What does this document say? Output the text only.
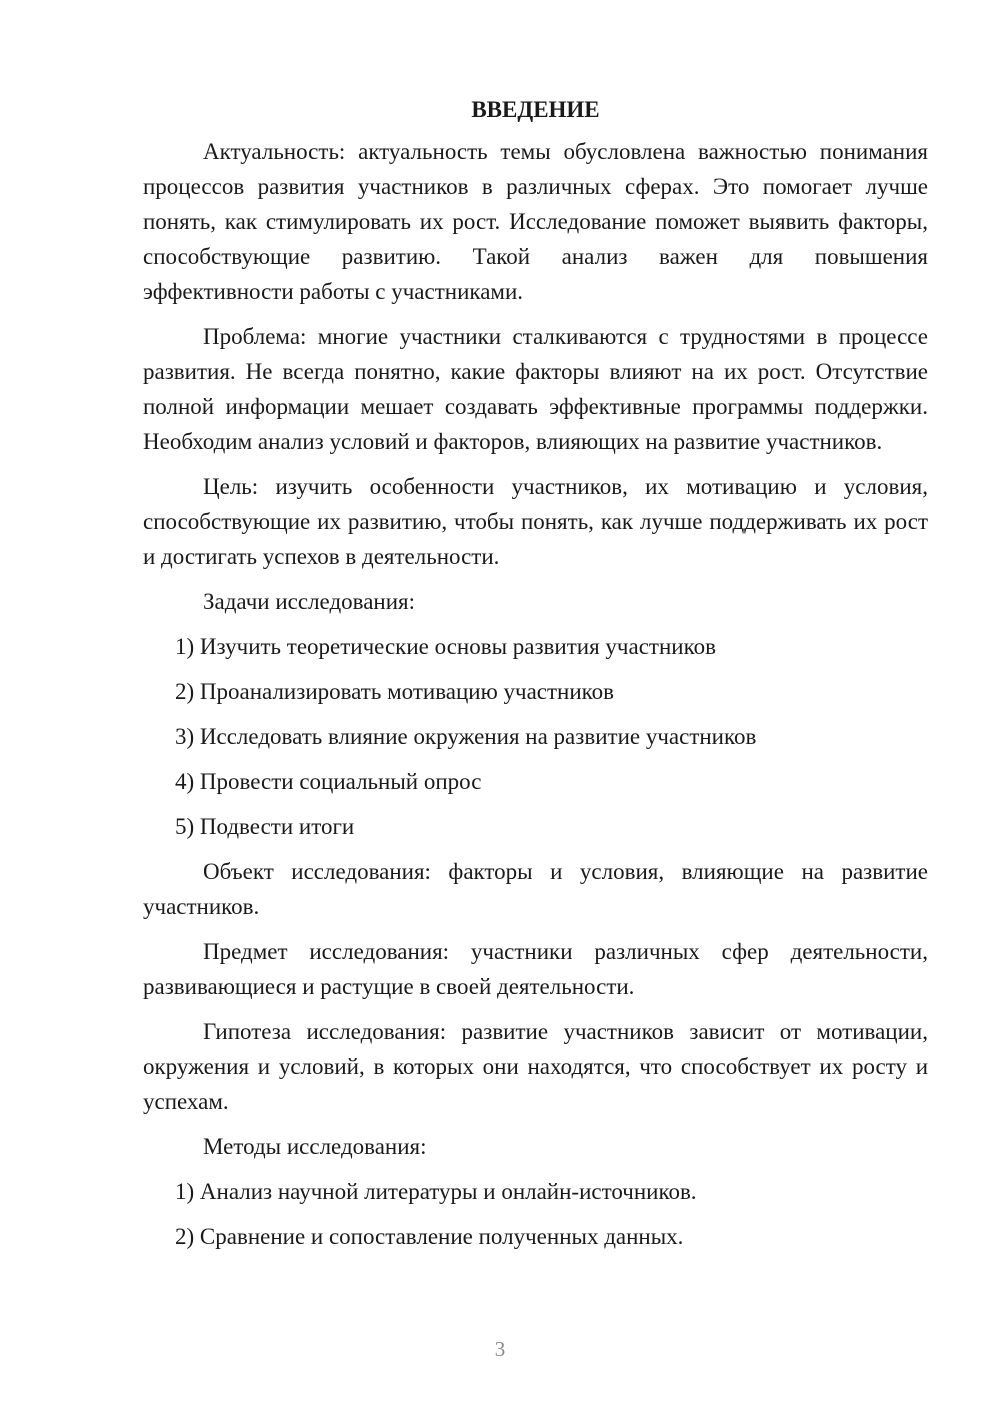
ВВЕДЕНИЕ

Актуальность: актуальность темы обусловлена важностью понимания процессов развития участников в различных сферах. Это помогает лучше понять, как стимулировать их рост. Исследование поможет выявить факторы, способствующие развитию. Такой анализ важен для повышения эффективности работы с участниками.

Проблема: многие участники сталкиваются с трудностями в процессе развития. Не всегда понятно, какие факторы влияют на их рост. Отсутствие полной информации мешает создавать эффективные программы поддержки. Необходим анализ условий и факторов, влияющих на развитие участников.

Цель: изучить особенности участников, их мотивацию и условия, способствующие их развитию, чтобы понять, как лучше поддерживать их рост и достигать успехов в деятельности.

Задачи исследования:

1) Изучить теоретические основы развития участников

2) Проанализировать мотивацию участников

3) Исследовать влияние окружения на развитие участников

4) Провести социальный опрос

5) Подвести итоги

Объект исследования: факторы и условия, влияющие на развитие участников.

Предмет исследования: участники различных сфер деятельности, развивающиеся и растущие в своей деятельности.

Гипотеза исследования: развитие участников зависит от мотивации, окружения и условий, в которых они находятся, что способствует их росту и успехам.

Методы исследования:

1) Анализ научной литературы и онлайн-источников.

2) Сравнение и сопоставление полученных данных.

3
